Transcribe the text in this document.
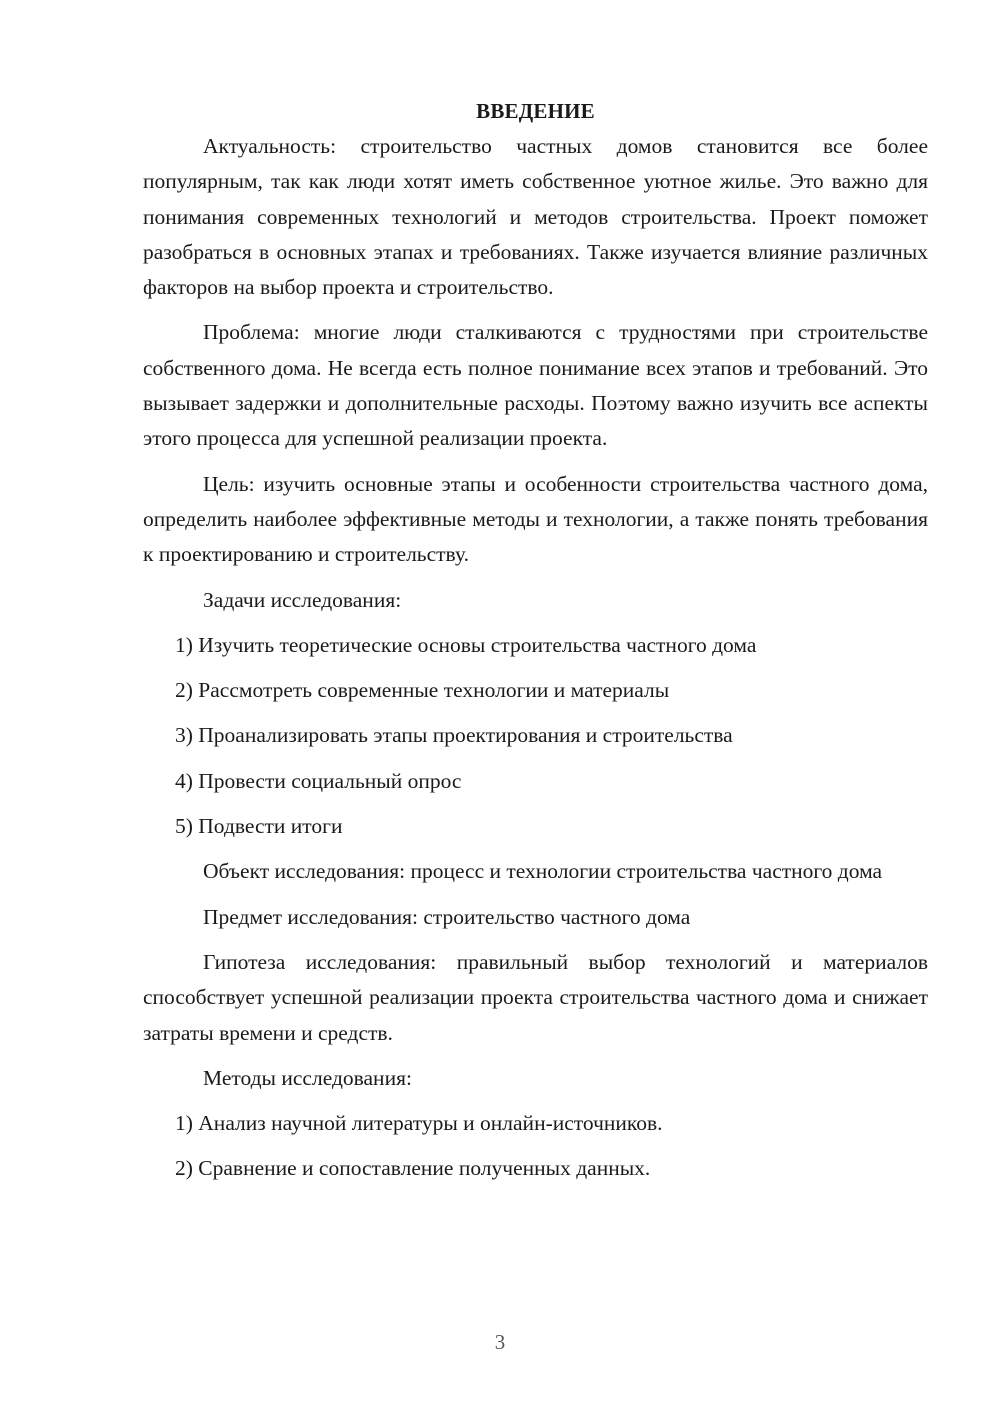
ВВЕДЕНИЕ

Актуальность: строительство частных домов становится все более популярным, так как люди хотят иметь собственное уютное жилье. Это важно для понимания современных технологий и методов строительства. Проект поможет разобраться в основных этапах и требованиях. Также изучается влияние различных факторов на выбор проекта и строительство.

Проблема: многие люди сталкиваются с трудностями при строительстве собственного дома. Не всегда есть полное понимание всех этапов и требований. Это вызывает задержки и дополнительные расходы. Поэтому важно изучить все аспекты этого процесса для успешной реализации проекта.

Цель: изучить основные этапы и особенности строительства частного дома, определить наиболее эффективные методы и технологии, а также понять требования к проектированию и строительству.

Задачи исследования:
1) Изучить теоретические основы строительства частного дома
2) Рассмотреть современные технологии и материалы
3) Проанализировать этапы проектирования и строительства
4) Провести социальный опрос
5) Подвести итоги

Объект исследования: процесс и технологии строительства частного дома

Предмет исследования: строительство частного дома

Гипотеза исследования: правильный выбор технологий и материалов способствует успешной реализации проекта строительства частного дома и снижает затраты времени и средств.

Методы исследования:
1) Анализ научной литературы и онлайн-источников.
2) Сравнение и сопоставление полученных данных.
3
